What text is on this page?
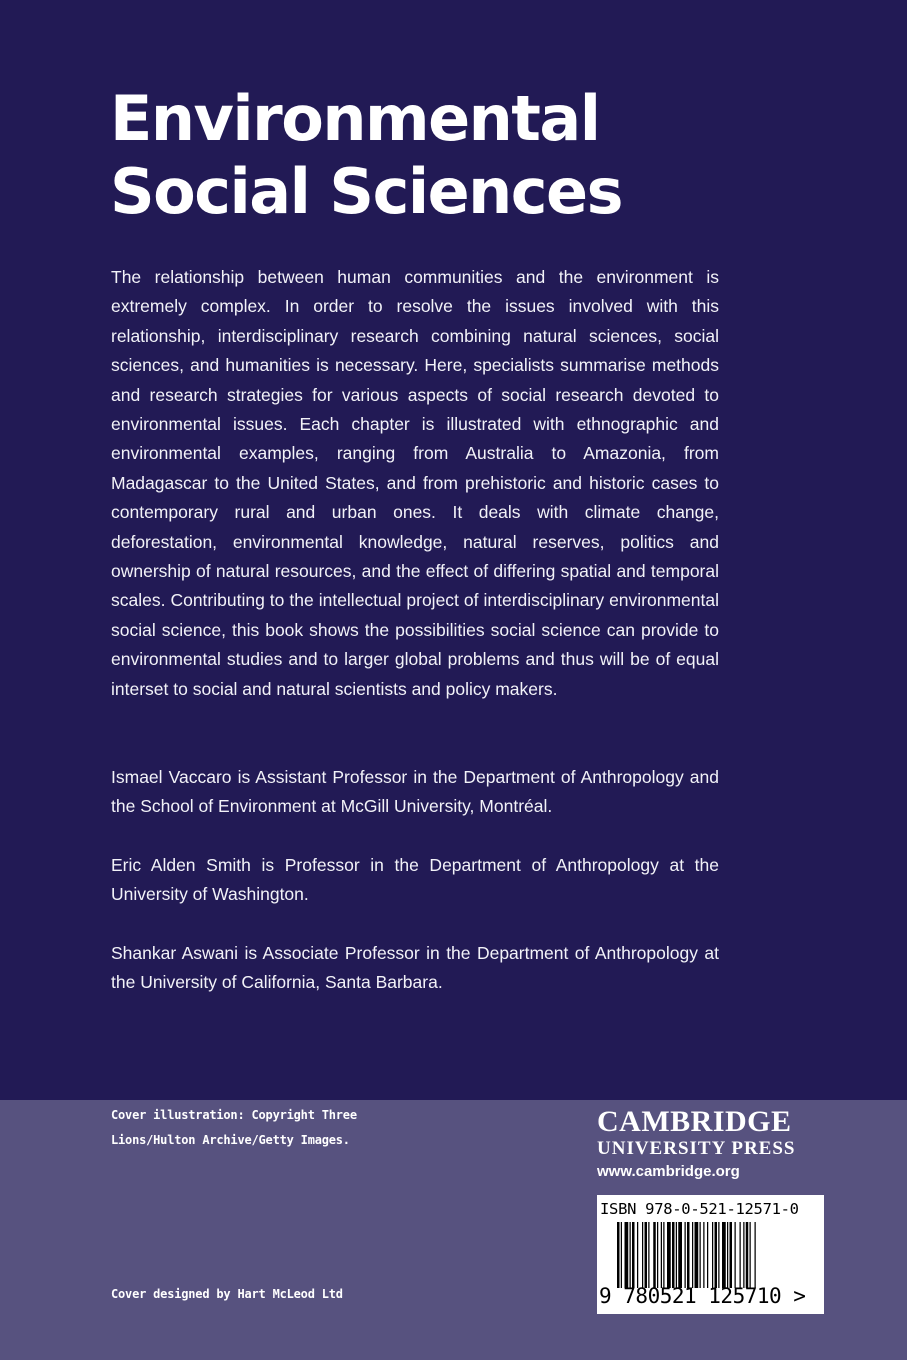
Environmental
Social Sciences

The relationship between human communities and the environment is extremely complex. In order to resolve the issues involved with this relationship, interdisciplinary research combining natural sciences, social sciences, and humanities is necessary. Here, specialists summarise methods and research strategies for various aspects of social research devoted to environmental issues. Each chapter is illustrated with ethnographic and environmental examples, ranging from Australia to Amazonia, from Madagascar to the United States, and from prehistoric and historic cases to contemporary rural and urban ones. It deals with climate change, deforestation, environmental knowledge, natural reserves, politics and ownership of natural resources, and the effect of differing spatial and temporal scales. Contributing to the intellectual project of interdisciplinary environmental social science, this book shows the possibilities social science can provide to environmental studies and to larger global problems and thus will be of equal interset to social and natural scientists and policy makers.

Ismael Vaccaro is Assistant Professor in the Department of Anthropology and the School of Environment at McGill University, Montréal.

Eric Alden Smith is Professor in the Department of Anthropology at the University of Washington.

Shankar Aswani is Associate Professor in the Department of Anthropology at the University of California, Santa Barbara.

Cover illustration: Copyright Three Lions/Hulton Archive/Getty Images.
Cover designed by Hart McLeod Ltd
CAMBRIDGE
UNIVERSITY PRESS
www.cambridge.org
ISBN 978-0-521-12571-0
9 780521 125710 >
